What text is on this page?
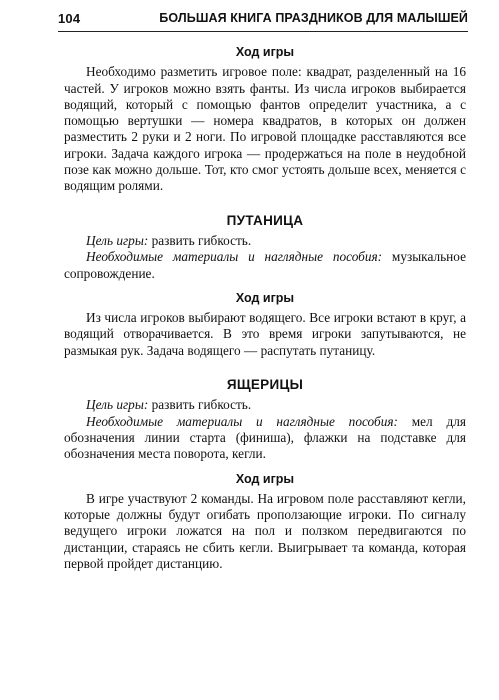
104	БОЛЬШАЯ КНИГА ПРАЗДНИКОВ ДЛЯ МАЛЫШЕЙ
Ход игры

Необходимо разметить игровое поле: квадрат, разделенный на 16 частей. У игроков можно взять фанты. Из числа игроков выбирается водящий, который с помощью фантов определит участника, а с помощью вертушки — номера квадратов, в которых он должен разместить 2 руки и 2 ноги. По игровой площадке расставляются все игроки. Задача каждого игрока — продержаться на поле в неудобной позе как можно дольше. Тот, кто смог устоять дольше всех, меняется с водящим ролями.

ПУТАНИЦА

Цель игры: развить гибкость.

Необходимые материалы и наглядные пособия: музыкальное сопровождение.

Ход игры

Из числа игроков выбирают водящего. Все игроки встают в круг, а водящий отворачивается. В это время игроки запутываются, не размыкая рук. Задача водящего — распутать путаницу.

ЯЩЕРИЦЫ

Цель игры: развить гибкость.

Необходимые материалы и наглядные пособия: мел для обозначения линии старта (финиша), флажки на подставке для обозначения места поворота, кегли.

Ход игры

В игре участвуют 2 команды. На игровом поле расставляют кегли, которые должны будут огибать проползающие игроки. По сигналу ведущего игроки ложатся на пол и ползком передвигаются по дистанции, стараясь не сбить кегли. Выигрывает та команда, которая первой пройдет дистанцию.
